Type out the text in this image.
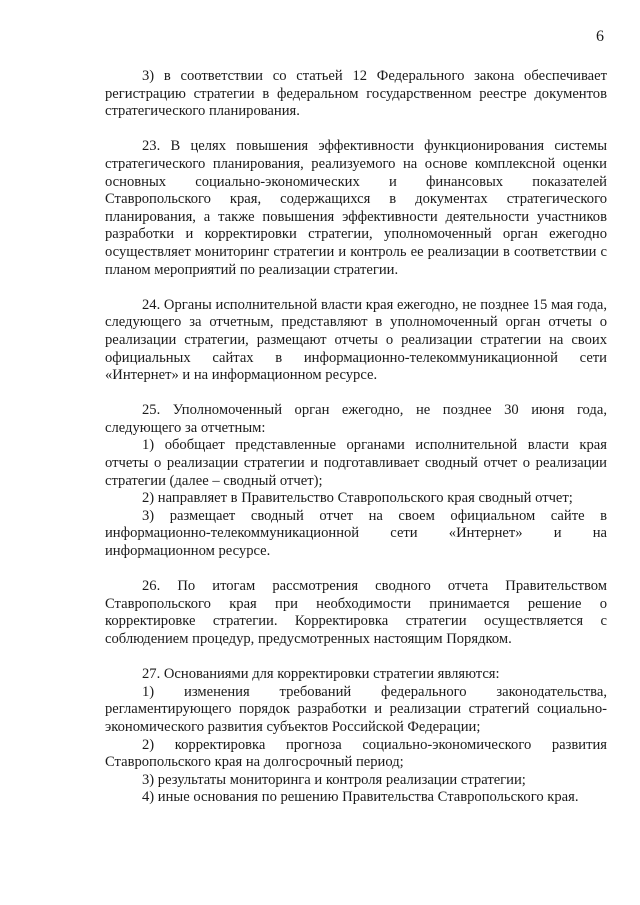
6

3) в соответствии со статьей 12 Федерального закона обеспечивает регистрацию стратегии в федеральном государственном реестре документов стратегического планирования.

23. В целях повышения эффективности функционирования системы стратегического планирования, реализуемого на основе комплексной оценки основных социально-экономических и финансовых показателей Ставропольского края, содержащихся в документах стратегического планирования, а также повышения эффективности деятельности участников разработки и корректировки стратегии, уполномоченный орган ежегодно осуществляет мониторинг стратегии и контроль ее реализации в соответствии с планом мероприятий по реализации стратегии.

24. Органы исполнительной власти края ежегодно, не позднее 15 мая года, следующего за отчетным, представляют в уполномоченный орган отчеты о реализации стратегии, размещают отчеты о реализации стратегии на своих официальных сайтах в информационно-телекоммуникационной сети «Интернет» и на информационном ресурсе.

25. Уполномоченный орган ежегодно, не позднее 30 июня года, следующего за отчетным:

1) обобщает представленные органами исполнительной власти края отчеты о реализации стратегии и подготавливает сводный отчет о реализации стратегии (далее – сводный отчет);

2) направляет в Правительство Ставропольского края сводный отчет;

3) размещает сводный отчет на своем официальном сайте в информационно-телекоммуникационной сети «Интернет» и на информационном ресурсе.

26. По итогам рассмотрения сводного отчета Правительством Ставропольского края при необходимости принимается решение о корректировке стратегии. Корректировка стратегии осуществляется с соблюдением процедур, предусмотренных настоящим Порядком.

27. Основаниями для корректировки стратегии являются:

1) изменения требований федерального законодательства, регламентирующего порядок разработки и реализации стратегий социально-экономического развития субъектов Российской Федерации;

2) корректировка прогноза социально-экономического развития Ставропольского края на долгосрочный период;

3) результаты мониторинга и контроля реализации стратегии;

4) иные основания по решению Правительства Ставропольского края.
